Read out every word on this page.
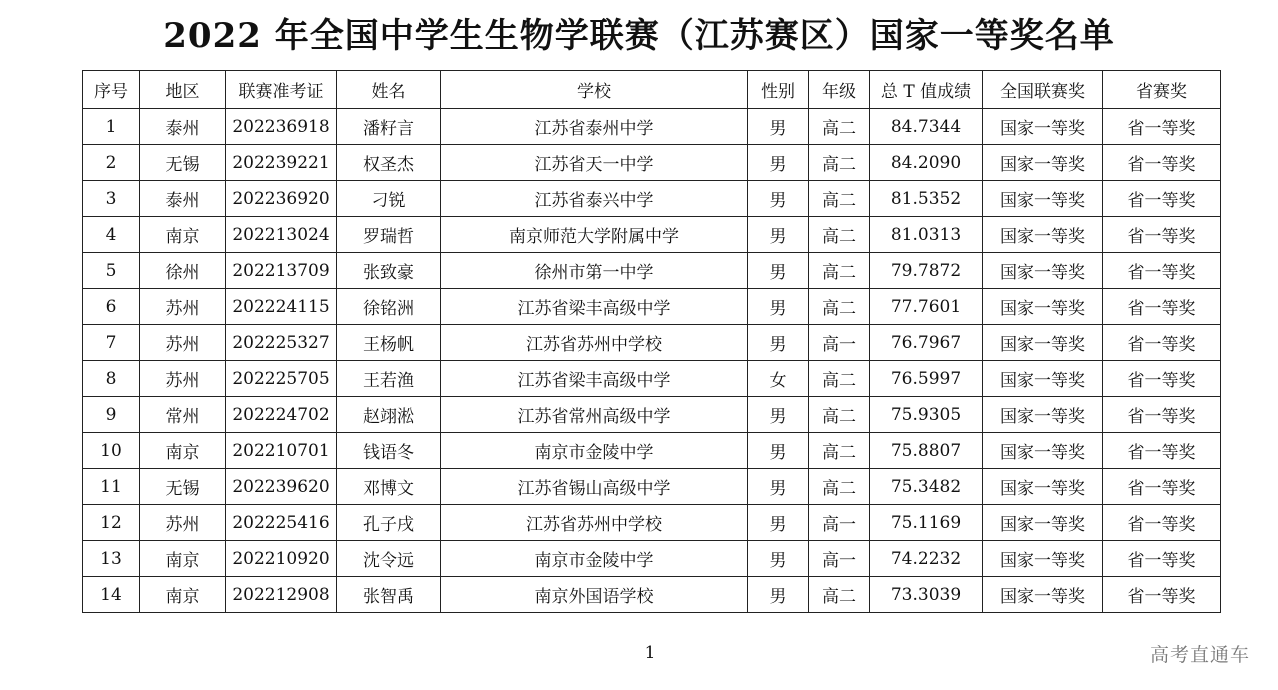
2022 年全国中学生生物学联赛（江苏赛区）国家一等奖名单
序号	地区	联赛准考证	姓名	学校	性别	年级	总 T 值成绩	全国联赛奖	省赛奖
1	泰州	202236918	潘籽言	江苏省泰州中学	男	高二	84.7344	国家一等奖	省一等奖
2	无锡	202239221	权圣杰	江苏省天一中学	男	高二	84.2090	国家一等奖	省一等奖
3	泰州	202236920	刁锐	江苏省泰兴中学	男	高二	81.5352	国家一等奖	省一等奖
4	南京	202213024	罗瑞哲	南京师范大学附属中学	男	高二	81.0313	国家一等奖	省一等奖
5	徐州	202213709	张致豪	徐州市第一中学	男	高二	79.7872	国家一等奖	省一等奖
6	苏州	202224115	徐铭洲	江苏省梁丰高级中学	男	高二	77.7601	国家一等奖	省一等奖
7	苏州	202225327	王杨帆	江苏省苏州中学校	男	高一	76.7967	国家一等奖	省一等奖
8	苏州	202225705	王若渔	江苏省梁丰高级中学	女	高二	76.5997	国家一等奖	省一等奖
9	常州	202224702	赵翊淞	江苏省常州高级中学	男	高二	75.9305	国家一等奖	省一等奖
10	南京	202210701	钱语冬	南京市金陵中学	男	高二	75.8807	国家一等奖	省一等奖
11	无锡	202239620	邓博文	江苏省锡山高级中学	男	高二	75.3482	国家一等奖	省一等奖
12	苏州	202225416	孔子戌	江苏省苏州中学校	男	高一	75.1169	国家一等奖	省一等奖
13	南京	202210920	沈令远	南京市金陵中学	男	高一	74.2232	国家一等奖	省一等奖
14	南京	202212908	张智禹	南京外国语学校	男	高二	73.3039	国家一等奖	省一等奖
1	高考直通车
